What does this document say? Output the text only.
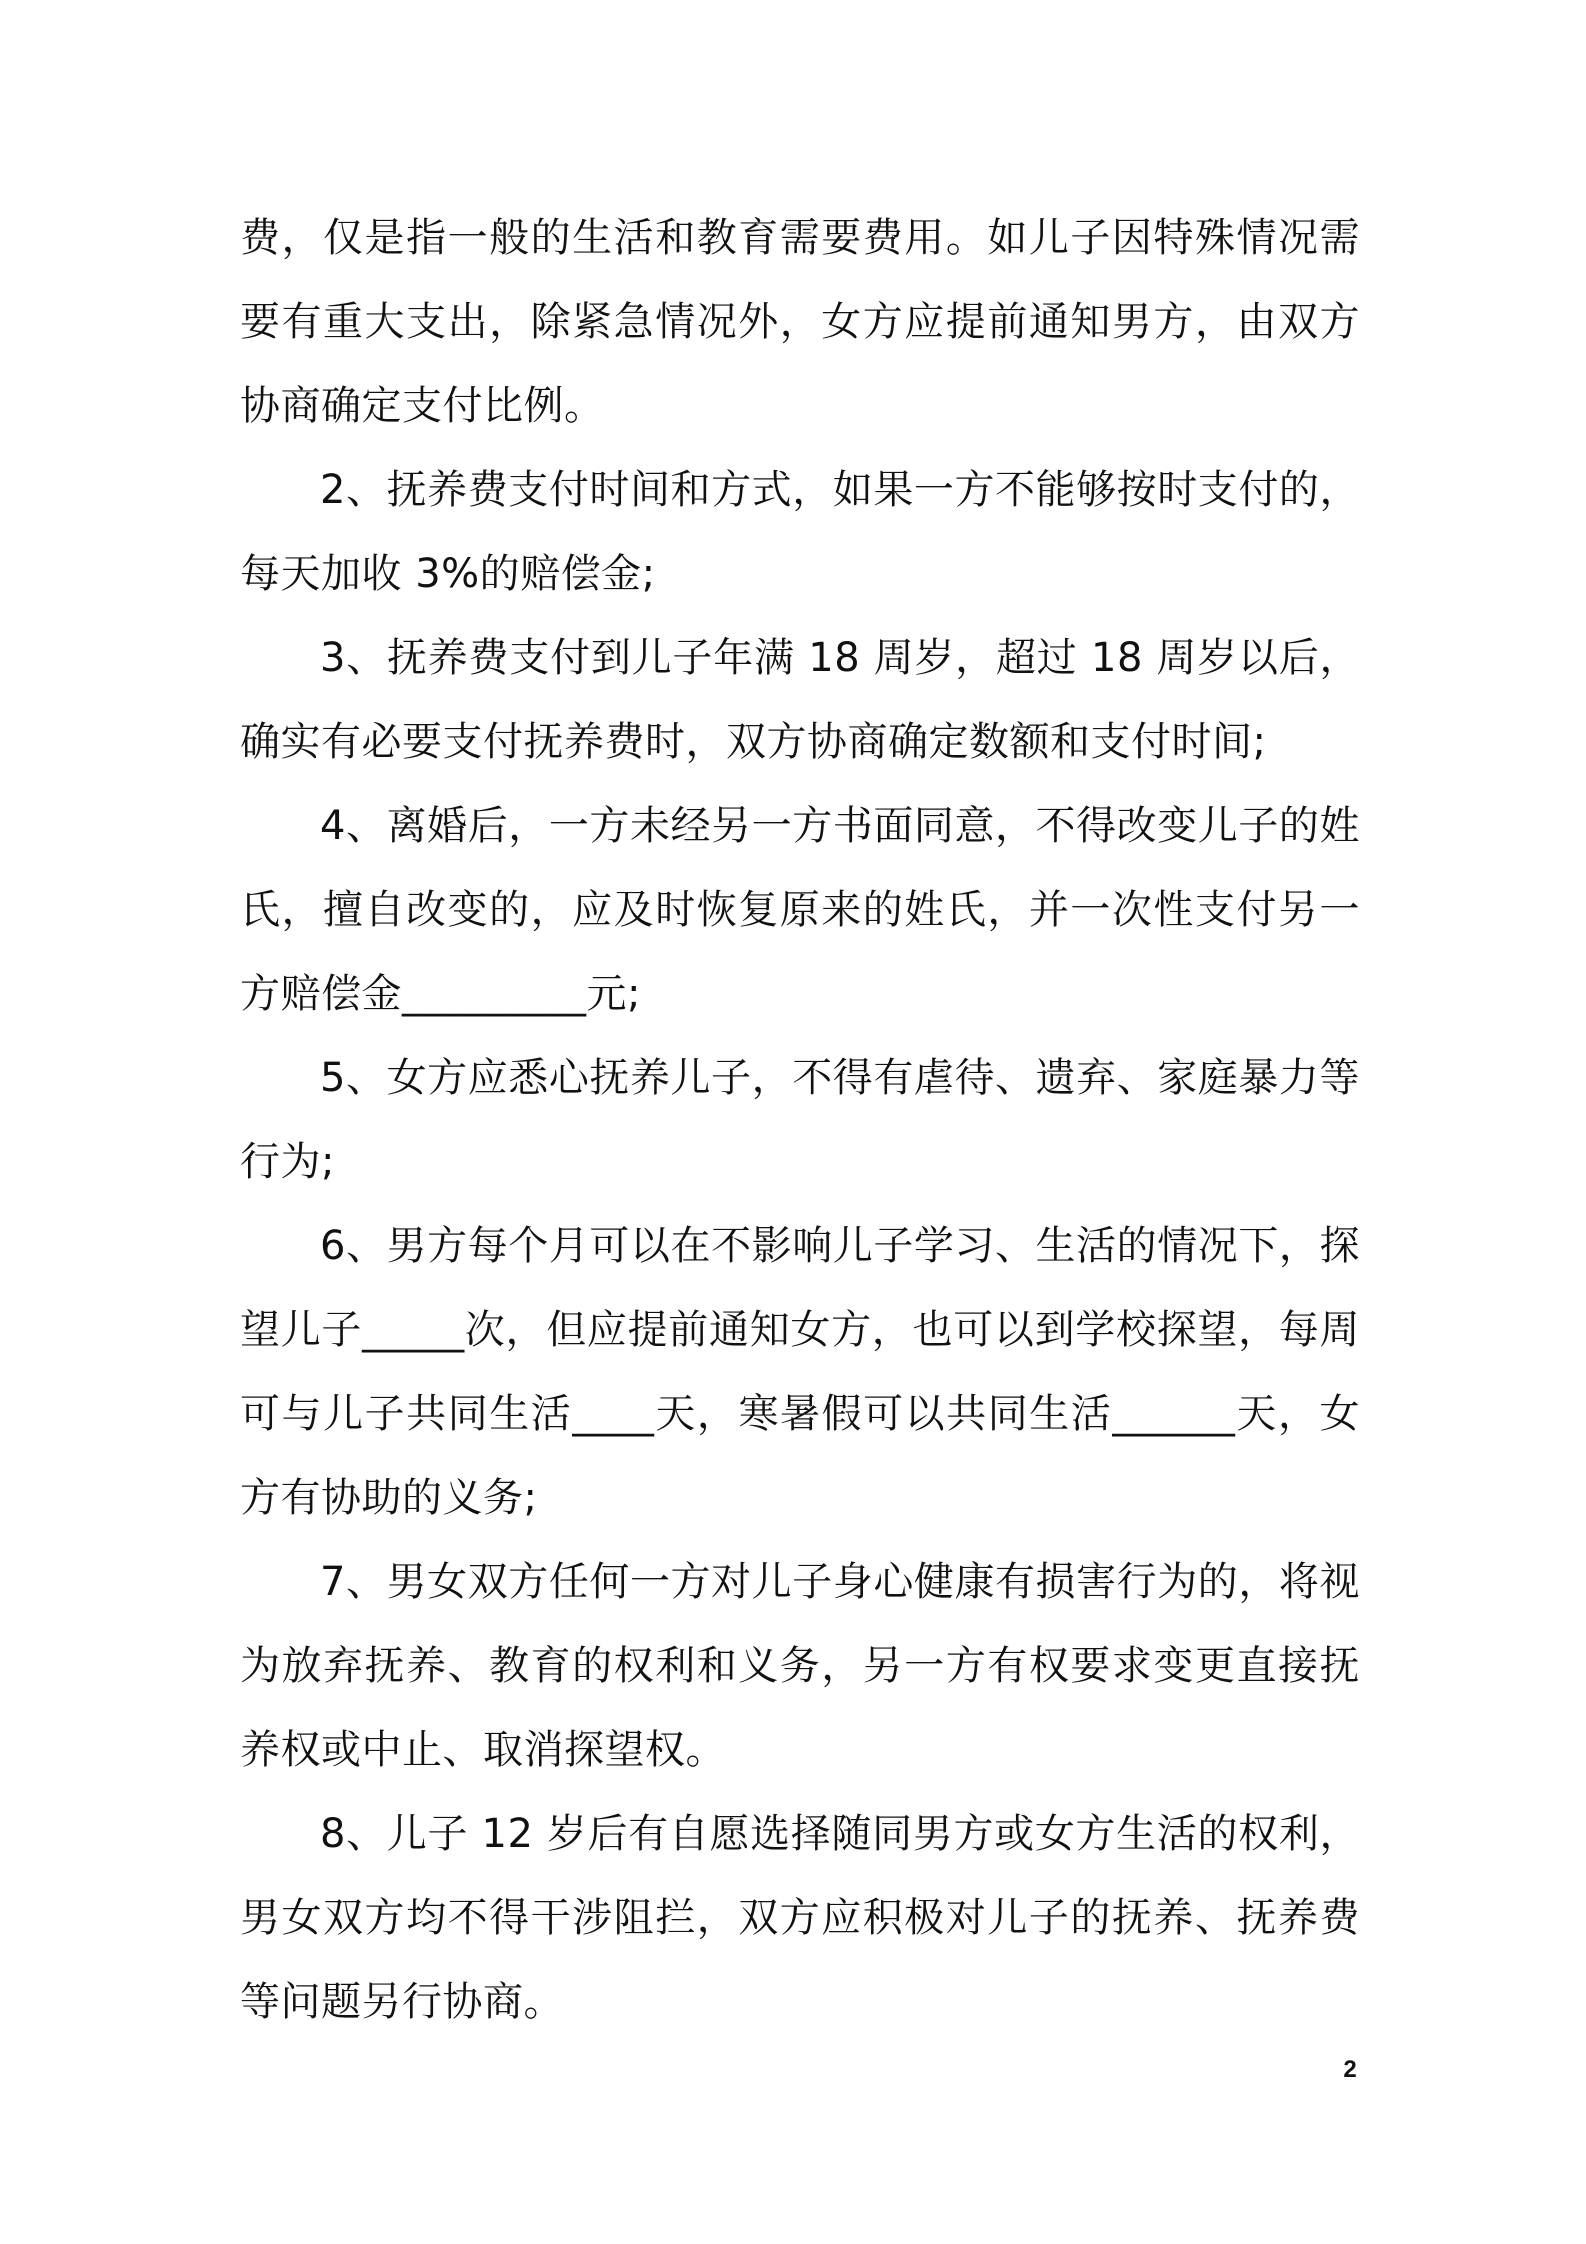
费，仅是指一般的生活和教育需要费用。如儿子因特殊情况需要有重大支出，除紧急情况外，女方应提前通知男方，由双方协商确定支付比例。

2、抚养费支付时间和方式，如果一方不能够按时支付的，每天加收 3%的赔偿金;

3、抚养费支付到儿子年满 18 周岁，超过 18 周岁以后，确实有必要支付抚养费时，双方协商确定数额和支付时间;

4、离婚后，一方未经另一方书面同意，不得改变儿子的姓氏，擅自改变的，应及时恢复原来的姓氏，并一次性支付另一方赔偿金_________元;

5、女方应悉心抚养儿子，不得有虐待、遗弃、家庭暴力等行为;

6、男方每个月可以在不影响儿子学习、生活的情况下，探望儿子_____次，但应提前通知女方，也可以到学校探望，每周可与儿子共同生活____天，寒暑假可以共同生活______天，女方有协助的义务;

7、男女双方任何一方对儿子身心健康有损害行为的，将视为放弃抚养、教育的权利和义务，另一方有权要求变更直接抚养权或中止、取消探望权。

8、儿子 12 岁后有自愿选择随同男方或女方生活的权利，男女双方均不得干涉阻拦，双方应积极对儿子的抚养、抚养费等问题另行协商。

2
